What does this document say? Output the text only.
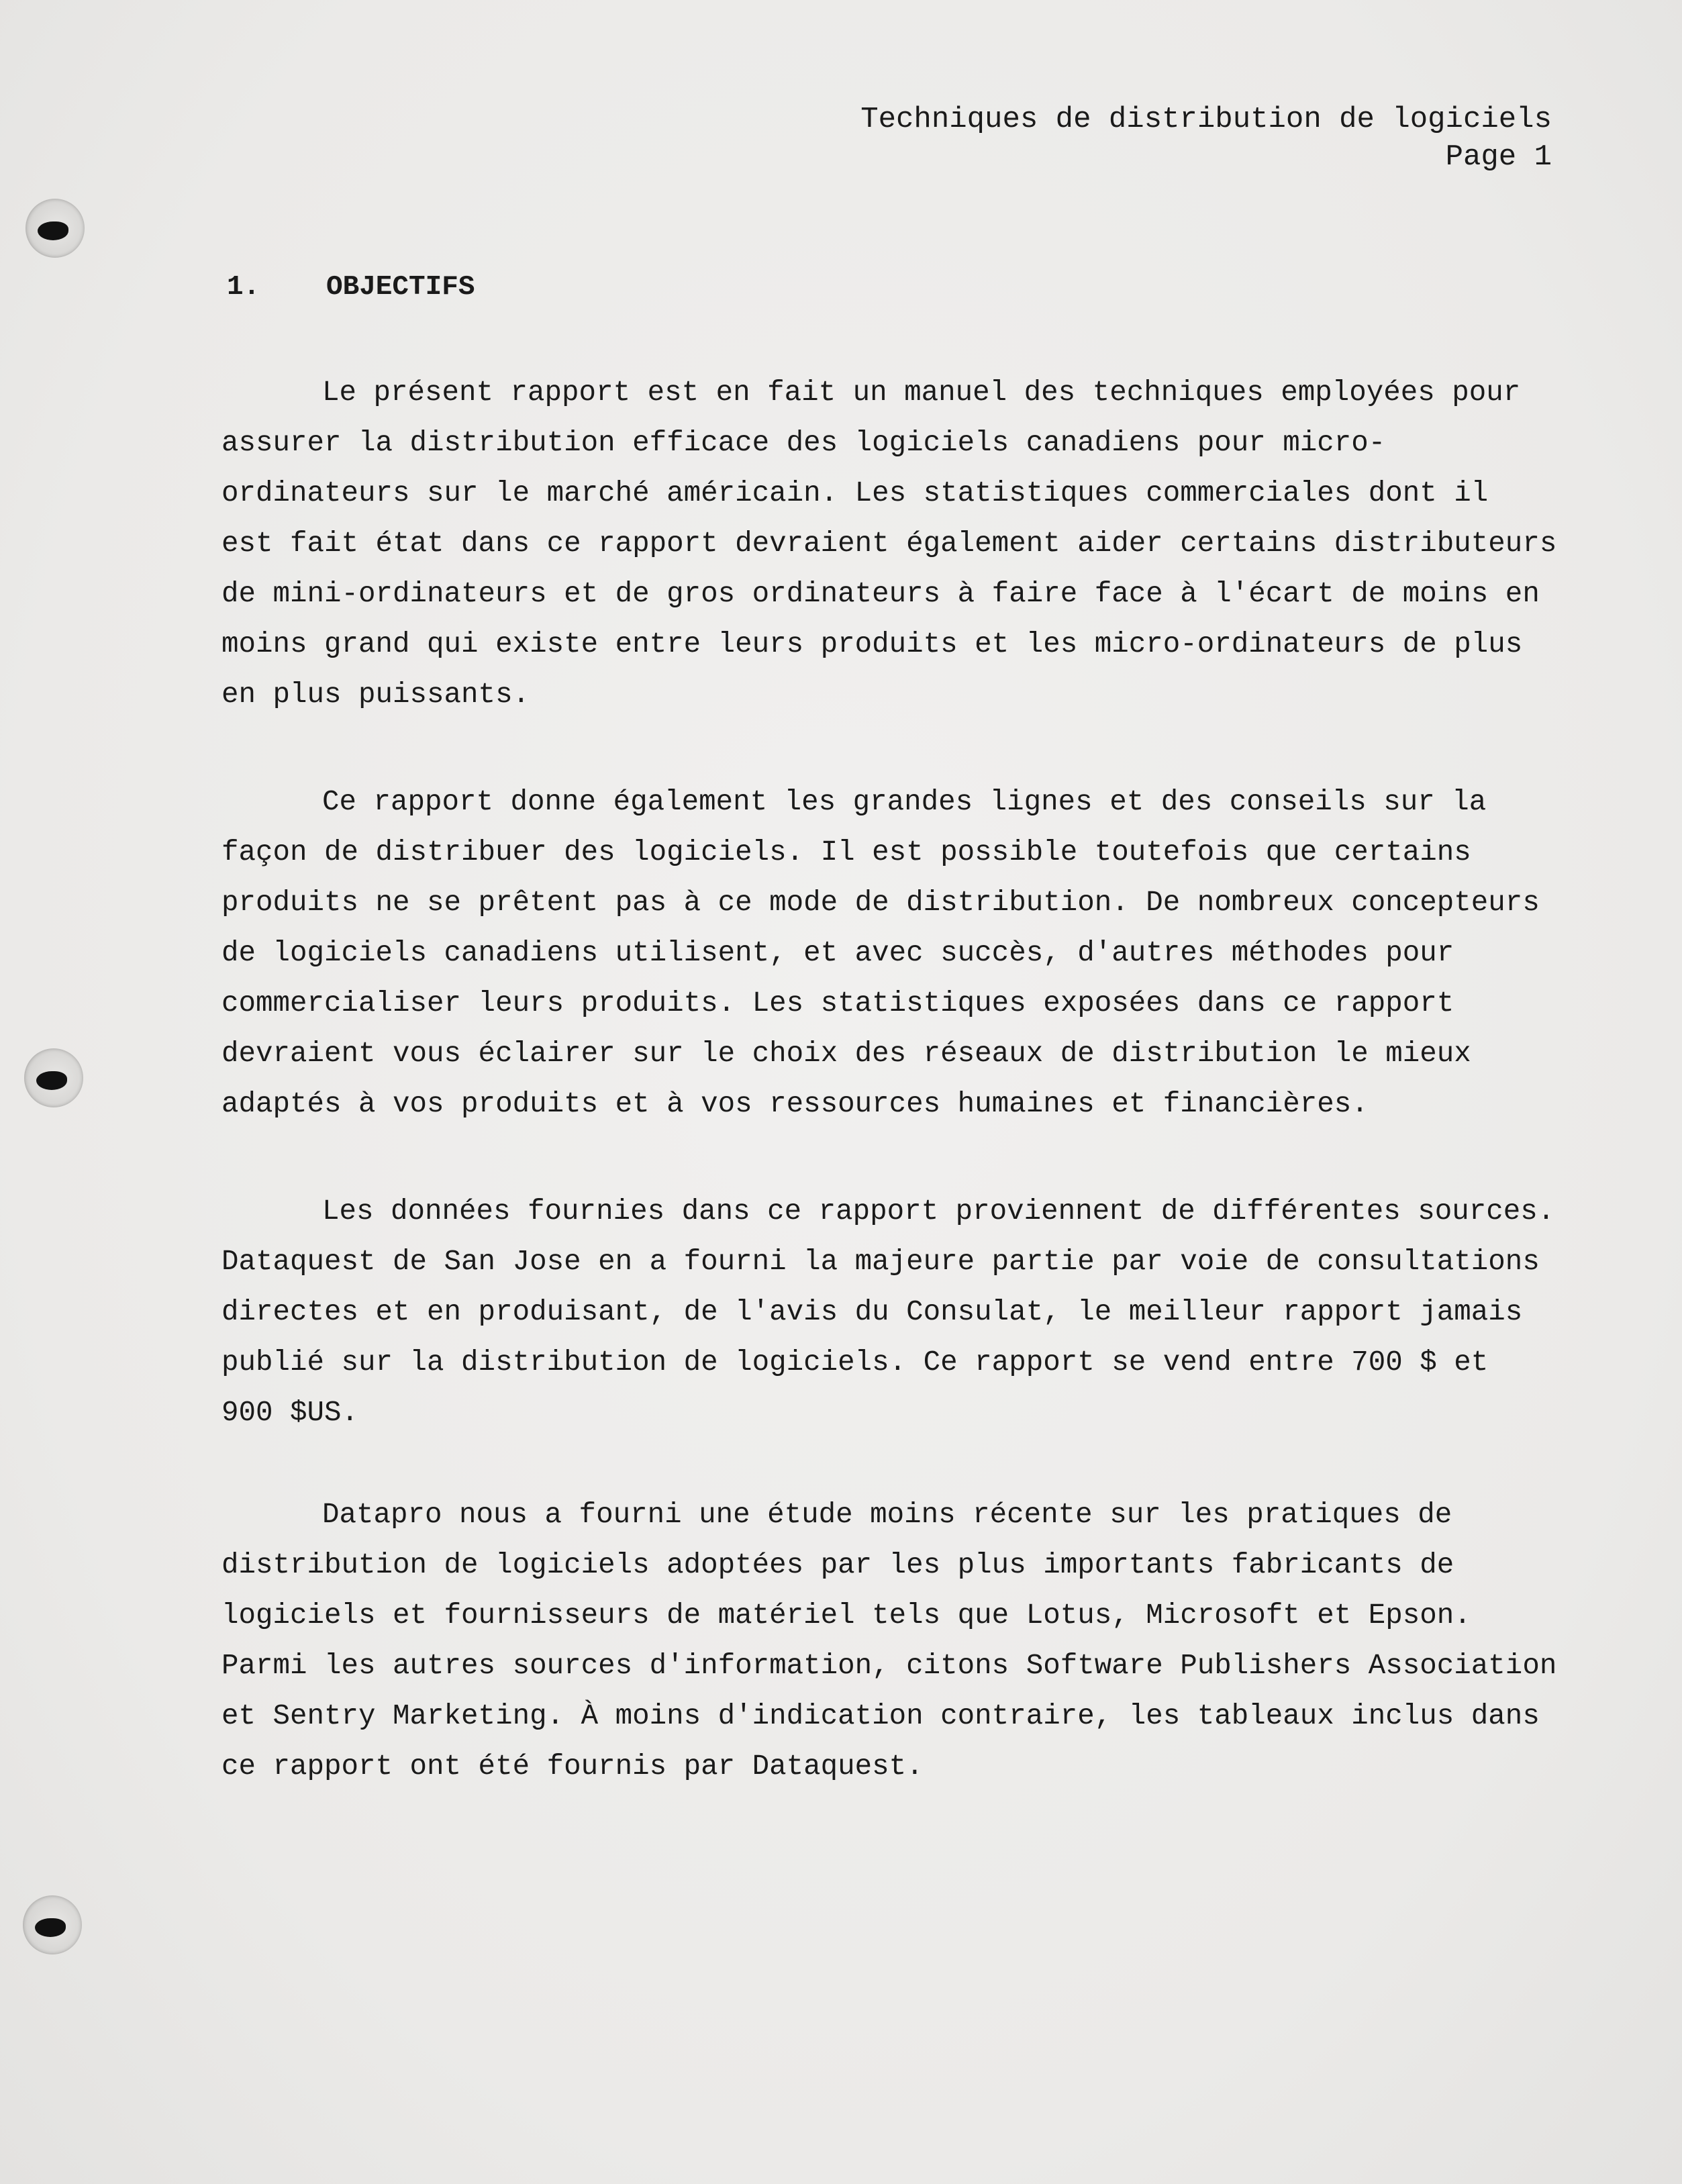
Techniques de distribution de logiciels
Page 1
1. OBJECTIFS
Le présent rapport est en fait un manuel des techniques employées pour
assurer la distribution efficace des logiciels canadiens pour micro-
ordinateurs sur le marché américain. Les statistiques commerciales dont il
est fait état dans ce rapport devraient également aider certains distributeurs
de mini-ordinateurs et de gros ordinateurs à faire face à l'écart de moins en
moins grand qui existe entre leurs produits et les micro-ordinateurs de plus
en plus puissants.
Ce rapport donne également les grandes lignes et des conseils sur la
façon de distribuer des logiciels. Il est possible toutefois que certains
produits ne se prêtent pas à ce mode de distribution. De nombreux concepteurs
de logiciels canadiens utilisent, et avec succès, d'autres méthodes pour
commercialiser leurs produits. Les statistiques exposées dans ce rapport
devraient vous éclairer sur le choix des réseaux de distribution le mieux
adaptés à vos produits et à vos ressources humaines et financières.
Les données fournies dans ce rapport proviennent de différentes sources.
Dataquest de San Jose en a fourni la majeure partie par voie de consultations
directes et en produisant, de l'avis du Consulat, le meilleur rapport jamais
publié sur la distribution de logiciels. Ce rapport se vend entre 700 $ et
900 $US.
Datapro nous a fourni une étude moins récente sur les pratiques de
distribution de logiciels adoptées par les plus importants fabricants de
logiciels et fournisseurs de matériel tels que Lotus, Microsoft et Epson.
Parmi les autres sources d'information, citons Software Publishers Association
et Sentry Marketing. À moins d'indication contraire, les tableaux inclus dans
ce rapport ont été fournis par Dataquest.
